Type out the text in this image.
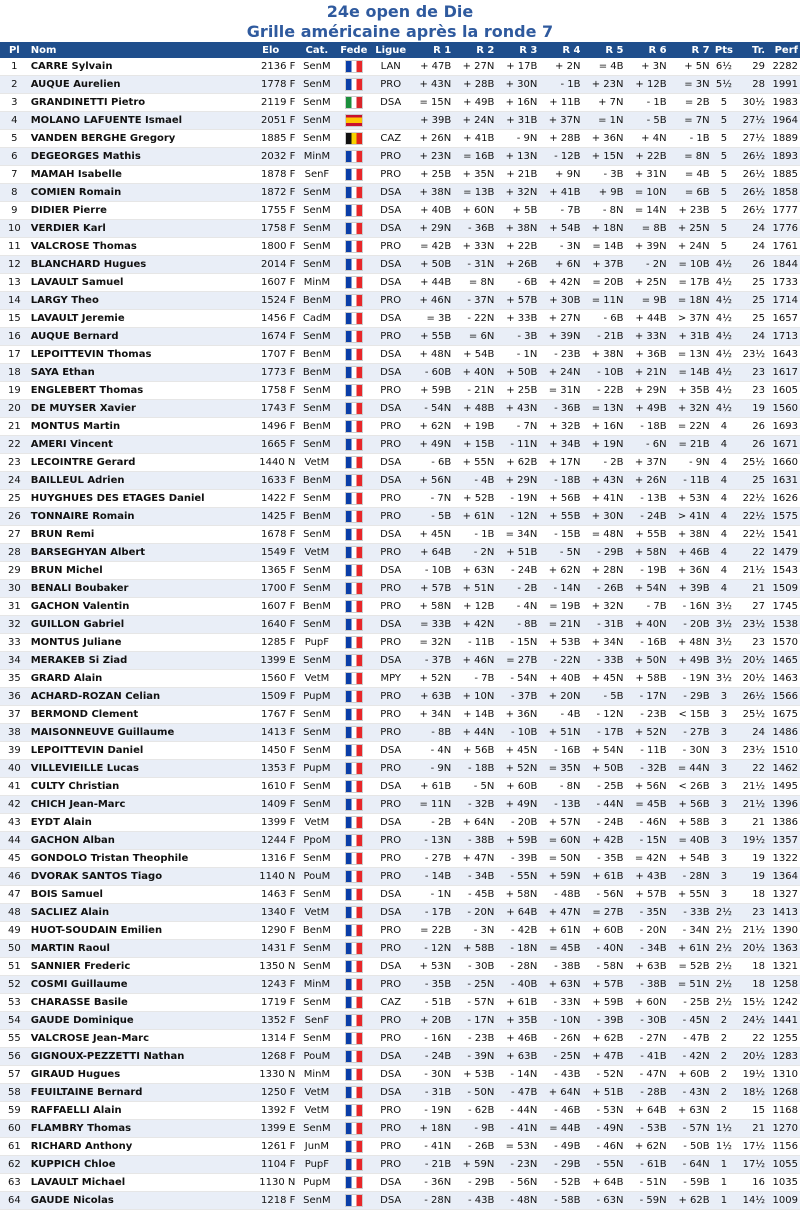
24e open de Die
Grille américaine après la ronde 7
Pl	Nom	Elo	Cat.	Fede	Ligue	R 1	R 2	R 3	R 4	R 5	R 6	R 7	Pts	Tr.	Perf
1	CARRE Sylvain	2136 F	SenM		LAN	+ 47B	+ 27N	+ 17B	+ 2N	= 4B	+ 3N	+ 5N	6½	29	2282
2	AUQUE Aurelien	1778 F	SenM		PRO	+ 43N	+ 28B	+ 30N	- 1B	+ 23N	+ 12B	= 3N	5½	28	1991
3	GRANDINETTI Pietro	2119 F	SenM		DSA	= 15N	+ 49B	+ 16N	+ 11B	+ 7N	- 1B	= 2B	5	30½	1983
4	MOLANO LAFUENTE Ismael	2051 F	SenM			+ 39B	+ 24N	+ 31B	+ 37N	= 1N	- 5B	= 7N	5	27½	1964
5	VANDEN BERGHE Gregory	1885 F	SenM		CAZ	+ 26N	+ 41B	- 9N	+ 28B	+ 36N	+ 4N	- 1B	5	27½	1889
6	DEGEORGES Mathis	2032 F	MinM		PRO	+ 23N	= 16B	+ 13N	- 12B	+ 15N	+ 22B	= 8N	5	26½	1893
7	MAMAH Isabelle	1878 F	SenF		PRO	+ 25B	+ 35N	+ 21B	+ 9N	- 3B	+ 31N	= 4B	5	26½	1885
8	COMIEN Romain	1872 F	SenM		DSA	+ 38N	= 13B	+ 32N	+ 41B	+ 9B	= 10N	= 6B	5	26½	1858
9	DIDIER Pierre	1755 F	SenM		DSA	+ 40B	+ 60N	+ 5B	- 7B	- 8N	= 14N	+ 23B	5	26½	1777
10	VERDIER Karl	1758 F	SenM		DSA	+ 29N	- 36B	+ 38N	+ 54B	+ 18N	= 8B	+ 25N	5	24	1776
11	VALCROSE Thomas	1800 F	SenM		PRO	= 42B	+ 33N	+ 22B	- 3N	= 14B	+ 39N	+ 24N	5	24	1761
12	BLANCHARD Hugues	2014 F	SenM		DSA	+ 50B	- 31N	+ 26B	+ 6N	+ 37B	- 2N	= 10B	4½	26	1844
13	LAVAULT Samuel	1607 F	MinM		DSA	+ 44B	= 8N	- 6B	+ 42N	= 20B	+ 25N	= 17B	4½	25	1733
14	LARGY Theo	1524 F	BenM		PRO	+ 46N	- 37N	+ 57B	+ 30B	= 11N	= 9B	= 18N	4½	25	1714
15	LAVAULT Jeremie	1456 F	CadM		DSA	= 3B	- 22N	+ 33B	+ 27N	- 6B	+ 44B	> 37N	4½	25	1657
16	AUQUE Bernard	1674 F	SenM		PRO	+ 55B	= 6N	- 3B	+ 39N	- 21B	+ 33N	+ 31B	4½	24	1713
17	LEPOITTEVIN Thomas	1707 F	BenM		DSA	+ 48N	+ 54B	- 1N	- 23B	+ 38N	+ 36B	= 13N	4½	23½	1643
18	SAYA Ethan	1773 F	BenM		DSA	- 60B	+ 40N	+ 50B	+ 24N	- 10B	+ 21N	= 14B	4½	23	1617
19	ENGLEBERT Thomas	1758 F	SenM		PRO	+ 59B	- 21N	+ 25B	= 31N	- 22B	+ 29N	+ 35B	4½	23	1605
20	DE MUYSER Xavier	1743 F	SenM		DSA	- 54N	+ 48B	+ 43N	- 36B	= 13N	+ 49B	+ 32N	4½	19	1560
21	MONTUS Martin	1496 F	BenM		PRO	+ 62N	+ 19B	- 7N	+ 32B	+ 16N	- 18B	= 22N	4	26	1693
22	AMERI Vincent	1665 F	SenM		PRO	+ 49N	+ 15B	- 11N	+ 34B	+ 19N	- 6N	= 21B	4	26	1671
23	LECOINTRE Gerard	1440 N	VetM		DSA	- 6B	+ 55N	+ 62B	+ 17N	- 2B	+ 37N	- 9N	4	25½	1660
24	BAILLEUL Adrien	1633 F	BenM		DSA	+ 56N	- 4B	+ 29N	- 18B	+ 43N	+ 26N	- 11B	4	25	1631
25	HUYGHUES DES ETAGES Daniel	1422 F	SenM		PRO	- 7N	+ 52B	- 19N	+ 56B	+ 41N	- 13B	+ 53N	4	22½	1626
26	TONNAIRE Romain	1425 F	BenM		PRO	- 5B	+ 61N	- 12N	+ 55B	+ 30N	- 24B	> 41N	4	22½	1575
27	BRUN Remi	1678 F	SenM		DSA	+ 45N	- 1B	= 34N	- 15B	= 48N	+ 55B	+ 38N	4	22½	1541
28	BARSEGHYAN Albert	1549 F	VetM		PRO	+ 64B	- 2N	+ 51B	- 5N	- 29B	+ 58N	+ 46B	4	22	1479
29	BRUN Michel	1365 F	SenM		DSA	- 10B	+ 63N	- 24B	+ 62N	+ 28N	- 19B	+ 36N	4	21½	1543
30	BENALI Boubaker	1700 F	SenM		PRO	+ 57B	+ 51N	- 2B	- 14N	- 26B	+ 54N	+ 39B	4	21	1509
31	GACHON Valentin	1607 F	BenM		PRO	+ 58N	+ 12B	- 4N	= 19B	+ 32N	- 7B	- 16N	3½	27	1745
32	GUILLON Gabriel	1640 F	SenM		DSA	= 33B	+ 42N	- 8B	= 21N	- 31B	+ 40N	- 20B	3½	23½	1538
33	MONTUS Juliane	1285 F	PupF		PRO	= 32N	- 11B	- 15N	+ 53B	+ 34N	- 16B	+ 48N	3½	23	1570
34	MERAKEB Si Ziad	1399 E	SenM		DSA	- 37B	+ 46N	= 27B	- 22N	- 33B	+ 50N	+ 49B	3½	20½	1465
35	GRARD Alain	1560 F	VetM		MPY	+ 52N	- 7B	- 54N	+ 40B	+ 45N	+ 58B	- 19N	3½	20½	1463
36	ACHARD-ROZAN Celian	1509 F	PupM		PRO	+ 63B	+ 10N	- 37B	+ 20N	- 5B	- 17N	- 29B	3	26½	1566
37	BERMOND Clement	1767 F	SenM		PRO	+ 34N	+ 14B	+ 36N	- 4B	- 12N	- 23B	< 15B	3	25½	1675
38	MAISONNEUVE Guillaume	1413 F	SenM		PRO	- 8B	+ 44N	- 10B	+ 51N	- 17B	+ 52N	- 27B	3	24	1486
39	LEPOITTEVIN Daniel	1450 F	SenM		DSA	- 4N	+ 56B	+ 45N	- 16B	+ 54N	- 11B	- 30N	3	23½	1510
40	VILLEVIEILLE Lucas	1353 F	PupM		PRO	- 9N	- 18B	+ 52N	= 35N	+ 50B	- 32B	= 44N	3	22	1462
41	CULTY Christian	1610 F	SenM		DSA	+ 61B	- 5N	+ 60B	- 8N	- 25B	+ 56N	< 26B	3	21½	1495
42	CHICH Jean-Marc	1409 F	SenM		PRO	= 11N	- 32B	+ 49N	- 13B	- 44N	= 45B	+ 56B	3	21½	1396
43	EYDT Alain	1399 F	VetM		DSA	- 2B	+ 64N	- 20B	+ 57N	- 24B	- 46N	+ 58B	3	21	1386
44	GACHON Alban	1244 F	PpoM		PRO	- 13N	- 38B	+ 59B	= 60N	+ 42B	- 15N	= 40B	3	19½	1357
45	GONDOLO Tristan Theophile	1316 F	SenM		PRO	- 27B	+ 47N	- 39B	= 50N	- 35B	= 42N	+ 54B	3	19	1322
46	DVORAK SANTOS Tiago	1140 N	PouM		PRO	- 14B	- 34B	- 55N	+ 59N	+ 61B	+ 43B	- 28N	3	19	1364
47	BOIS Samuel	1463 F	SenM		DSA	- 1N	- 45B	+ 58N	- 48B	- 56N	+ 57B	+ 55N	3	18	1327
48	SACLIEZ Alain	1340 F	VetM		DSA	- 17B	- 20N	+ 64B	+ 47N	= 27B	- 35N	- 33B	2½	23	1413
49	HUOT-SOUDAIN Emilien	1290 F	BenM		PRO	= 22B	- 3N	- 42B	+ 61N	+ 60B	- 20N	- 34N	2½	21½	1390
50	MARTIN Raoul	1431 F	SenM		PRO	- 12N	+ 58B	- 18N	= 45B	- 40N	- 34B	+ 61N	2½	20½	1363
51	SANNIER Frederic	1350 N	SenM		DSA	+ 53N	- 30B	- 28N	- 38B	- 58N	+ 63B	= 52B	2½	18	1321
52	COSMI Guillaume	1243 F	MinM		PRO	- 35B	- 25N	- 40B	+ 63N	+ 57B	- 38B	= 51N	2½	18	1258
53	CHARASSE Basile	1719 F	SenM		CAZ	- 51B	- 57N	+ 61B	- 33N	+ 59B	+ 60N	- 25B	2½	15½	1242
54	GAUDE Dominique	1352 F	SenF		PRO	+ 20B	- 17N	+ 35B	- 10N	- 39B	- 30B	- 45N	2	24½	1441
55	VALCROSE Jean-Marc	1314 F	SenM		PRO	- 16N	- 23B	+ 46B	- 26N	+ 62B	- 27N	- 47B	2	22	1255
56	GIGNOUX-PEZZETTI Nathan	1268 F	PouM		DSA	- 24B	- 39N	+ 63B	- 25N	+ 47B	- 41B	- 42N	2	20½	1283
57	GIRAUD Hugues	1330 N	MinM		DSA	- 30N	+ 53B	- 14N	- 43B	- 52N	- 47N	+ 60B	2	19½	1310
58	FEUILTAINE Bernard	1250 F	VetM		DSA	- 31B	- 50N	- 47B	+ 64N	+ 51B	- 28B	- 43N	2	18½	1268
59	RAFFAELLI Alain	1392 F	VetM		PRO	- 19N	- 62B	- 44N	- 46B	- 53N	+ 64B	+ 63N	2	15	1168
60	FLAMBRY Thomas	1399 E	SenM		PRO	+ 18N	- 9B	- 41N	= 44B	- 49N	- 53B	- 57N	1½	21	1270
61	RICHARD Anthony	1261 F	JunM		PRO	- 41N	- 26B	= 53N	- 49B	- 46N	+ 62N	- 50B	1½	17½	1156
62	KUPPICH Chloe	1104 F	PupF		PRO	- 21B	+ 59N	- 23N	- 29B	- 55N	- 61B	- 64N	1	17½	1055
63	LAVAULT Michael	1130 N	PupM		DSA	- 36N	- 29B	- 56N	- 52B	+ 64B	- 51N	- 59B	1	16	1035
64	GAUDE Nicolas	1218 F	SenM		DSA	- 28N	- 43B	- 48N	- 58B	- 63N	- 59N	+ 62B	1	14½	1009
